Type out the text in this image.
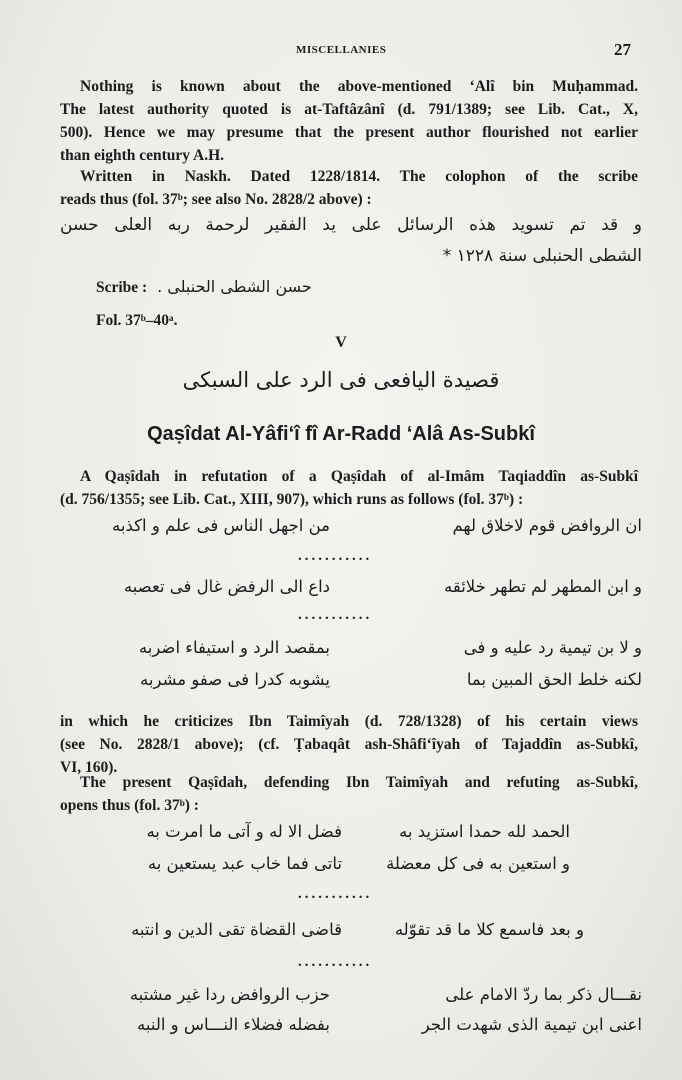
MISCELLANIES	27
Nothing is known about the above-mentioned ‘Alî bin Muḥammad.
The latest authority quoted is at-Taftâzânî (d. 791/1389; see Lib. Cat., X,
500). Hence we may presume that the present author flourished not earlier
than eighth century A.H.
Written in Naskh. Dated 1228/1814. The colophon of the scribe
reads thus (fol. 37ᵇ; see also No. 2828/2 above) :
و قد تم تسويد هذه الرسائل على يد الفقير لرحمة ربه العلى حسن
الشطى الحنبلى سنة ١٢٢٨ *
Scribe : حسن الشطى الحنبلى .
Fol. 37ᵇ–40ᵃ.
V
قصيدة اليافعى فى الرد على السبكى
Qaṣîdat Al-Yâfi‘î fî Ar-Radd ‘Alâ As-Subkî
A Qaṣîdah in refutation of a Qaṣîdah of al-Imâm Taqiaddîn as-Subkî
(d. 756/1355; see Lib. Cat., XIII, 907), which runs as follows (fol. 37ᵇ) :
ان الروافض قوم لاخلاق لهم
من اجهل الناس فى علم و اكذبه
...........
و ابن المطهر لم تطهر خلائقه
داع الى الرفض غال فى تعصبه
...........
و لا بن تيمية رد عليه و فى
بمقصد الرد و استيفاء اضربه
لكنه خلط الحق المبين بما
يشوبه كدرا فى صفو مشربه
in which he criticizes Ibn Taimîyah (d. 728/1328) of his certain views
(see No. 2828/1 above); (cf. Ṭabaqât ash-Shâfi‘îyah of Tajaddîn as-Subkî,
VI, 160).
The present Qaṣîdah, defending Ibn Taimîyah and refuting as-Subkî,
opens thus (fol. 37ᵇ) :
الحمد لله حمدا استزيد به
فضل الا له و آتى ما امرت به
و استعين به فى كل معضلة
تاتى فما خاب عبد يستعين به
...........
و بعد فاسمع كلا ما قد تقوّله
قاضى القضاة تقى الدين و انتبه
...........
نقـــال ذكر بما ردّ الامام على
حزب الروافض ردا غير مشتبه
اعنى ابن تيمية الذى شهدت الجر
بفضله فضلاء النـــاس و النبه
